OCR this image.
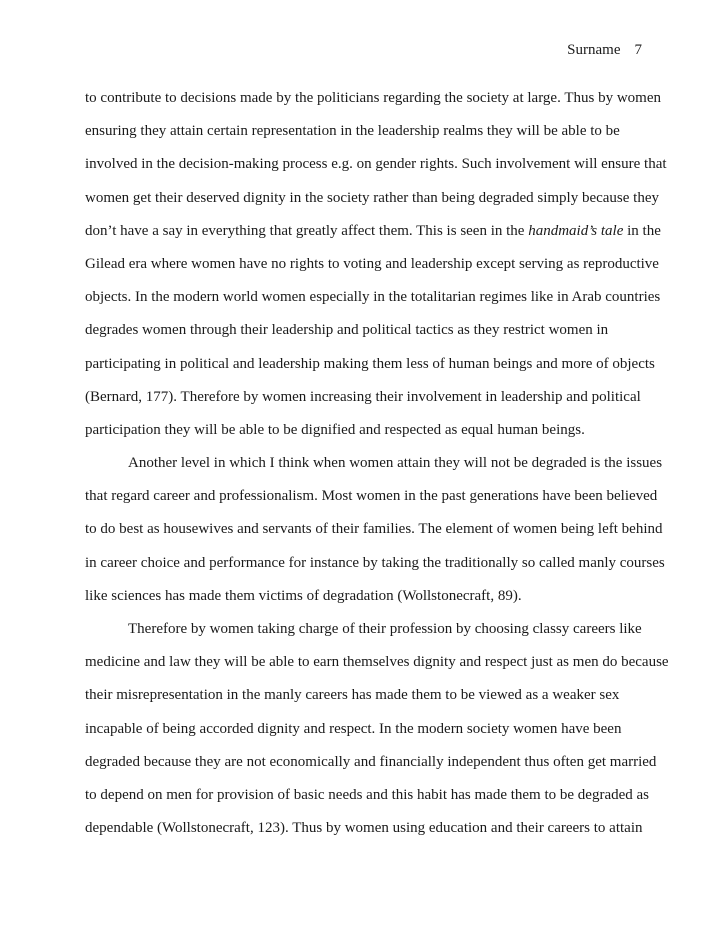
Surname 7
to contribute to decisions made by the politicians regarding the society at large. Thus by women
ensuring they attain certain representation in the leadership realms they will be able to be
involved in the decision-making process e.g. on gender rights. Such involvement will ensure that
women get their deserved dignity in the society rather than being degraded simply because they
don’t have a say in everything that greatly affect them. This is seen in the handmaid’s tale in the
Gilead era where women have no rights to voting and leadership except serving as reproductive
objects. In the modern world women especially in the totalitarian regimes like in Arab countries
degrades women through their leadership and political tactics as they restrict women in
participating in political and leadership making them less of human beings and more of objects
(Bernard, 177). Therefore by women increasing their involvement in leadership and political
participation they will be able to be dignified and respected as equal human beings.
Another level in which I think when women attain they will not be degraded is the issues
that regard career and professionalism. Most women in the past generations have been believed
to do best as housewives and servants of their families. The element of women being left behind
in career choice and performance for instance by taking the traditionally so called manly courses
like sciences has made them victims of degradation (Wollstonecraft, 89).
Therefore by women taking charge of their profession by choosing classy careers like
medicine and law they will be able to earn themselves dignity and respect just as men do because
their misrepresentation in the manly careers has made them to be viewed as a weaker sex
incapable of being accorded dignity and respect. In the modern society women have been
degraded because they are not economically and financially independent thus often get married
to depend on men for provision of basic needs and this habit has made them to be degraded as
dependable (Wollstonecraft, 123). Thus by women using education and their careers to attain
